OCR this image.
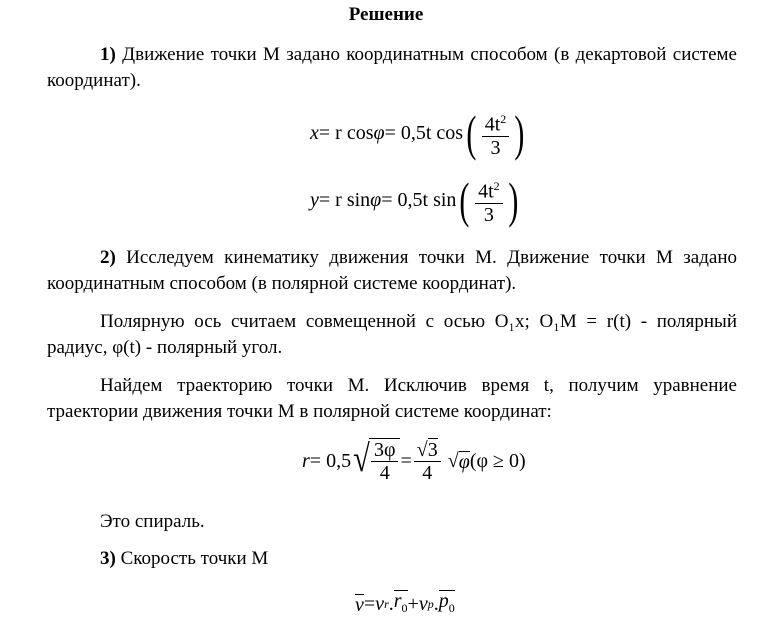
Решение
1) Движение точки М задано координатным способом (в декартовой системе координат).
x = r cos φ = 0,5t cos ( $\frac{4t^2}{3}$ )
y = r sin φ = 0,5t sin ( $\frac{4t^2}{3}$ )
2) Исследуем кинематику движения точки М. Движение точки М задано координатным способом (в полярной системе координат).
Полярную ось считаем совмещенной с осью O₁x; O₁M = r(t) - полярный радиус, φ(t) - полярный угол.
Найдем траекторию точки М. Исключив время t, получим уравнение траектории движения точки М в полярной системе координат:
r = 0,5 √ $\frac{3\varphi}{4} = \frac{√3}{4}$ √ φ (φ ≥ 0)
Это спираль.
3) Скорость точки М
v = v r . $r_0 + v$ p . $p_0$
